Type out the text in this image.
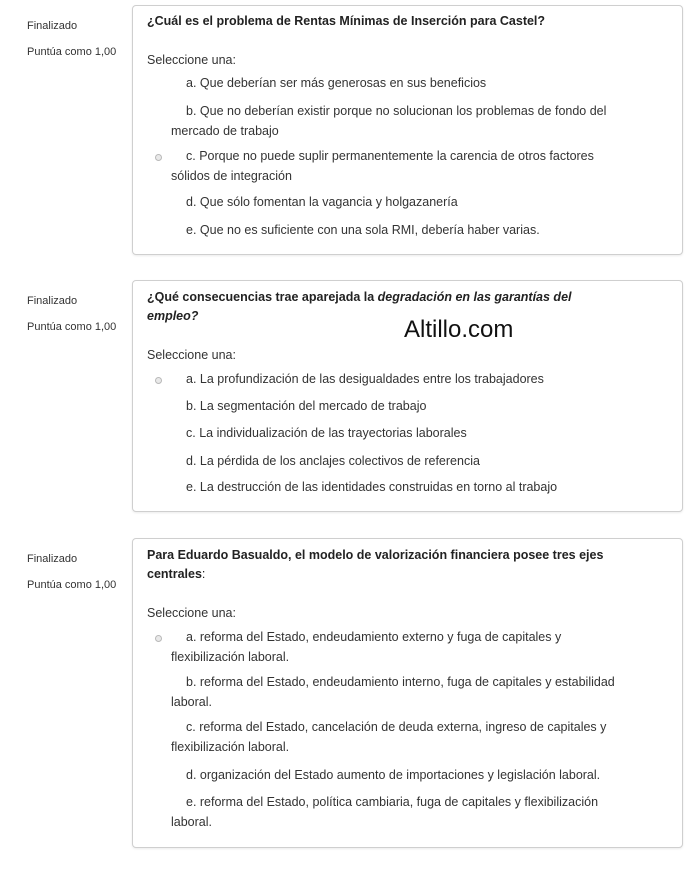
Finalizado
Puntúa como 1,00
¿Cuál es el problema de Rentas Mínimas de Inserción para Castel?
Seleccione una:
a. Que deberían ser más generosas en sus beneficios
b. Que no deberían existir porque no solucionan los problemas de fondo del
mercado de trabajo
c. Porque no puede suplir permanentemente la carencia de otros factores
sólidos de integración
d. Que sólo fomentan la vagancia y holgazanería
e. Que no es suficiente con una sola RMI, debería haber varias.
Finalizado
Puntúa como 1,00
¿Qué consecuencias trae aparejada la degradación en las garantías del empleo?
Seleccione una:
a. La profundización de las desigualdades entre los trabajadores
b. La segmentación del mercado de trabajo
c. La individualización de las trayectorias laborales
d. La pérdida de los anclajes colectivos de referencia
e. La destrucción de las identidades construidas en torno al trabajo
Finalizado
Puntúa como 1,00
Para Eduardo Basualdo, el modelo de valorización financiera posee tres ejes
centrales:
Seleccione una:
a. reforma del Estado, endeudamiento externo y fuga de capitales y
flexibilización laboral.
b. reforma del Estado, endeudamiento interno, fuga de capitales y estabilidad
laboral.
c. reforma del Estado, cancelación de deuda externa, ingreso de capitales y
flexibilización laboral.
d. organización del Estado aumento de importaciones y legislación laboral.
e. reforma del Estado, política cambiaria, fuga de capitales y flexibilización
laboral.
Altillo.com
